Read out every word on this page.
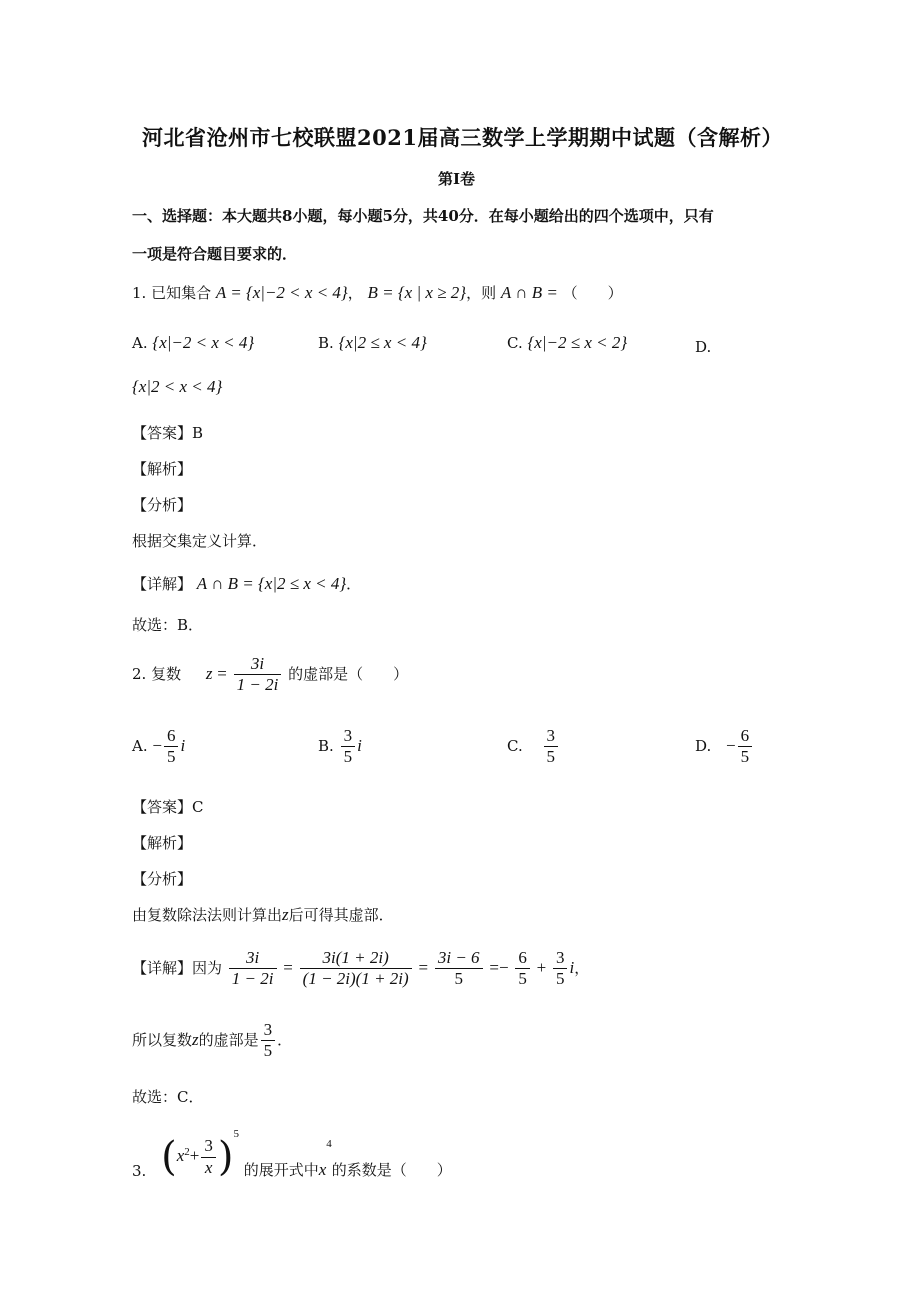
河北省沧州市七校联盟2021届高三数学上学期期中试题（含解析）
第I卷
一、选择题：本大题共8小题，每小题5分，共40分．在每小题给出的四个选项中，只有
一项是符合题目要求的．
1. 已知集合 A = {x|−2 < x < 4}， B = {x | x ≥ 2}，则 A ∩ B = （　　）
A. {x|−2 < x < 4}	B. {x|2 ≤ x < 4}	C. {x|−2 ≤ x < 2}	D.
{x|2 < x < 4}
【答案】B
【解析】
【分析】
根据交集定义计算．
【详解】 A ∩ B = {x|2 ≤ x < 4}．
故选：B．
2. 复数 $z = \frac{3i}{1 - 2i}$ 的虚部是（　　）
A. − $\frac{6}{5}$ i	B. $\frac{3}{5}$ i	C. $\frac{3}{5}$	D. − $\frac{6}{5}$
【答案】C
【解析】
【分析】
由复数除法法则计算出z后可得其虚部．
【详解】因为 $\frac{3i}{1 - 2i} = \frac{3i(1 + 2i)}{(1 - 2i)(1 + 2i)} = \frac{3i - 6}{5} =- \frac{6}{5} + \frac{3}{5}$ i，
所以复数z的虚部是 $\frac{3}{5}$ ．
故选：C．
3. $(x^2+ \frac{3}{x} )^5$ 的展开式中$x^4$的系数是（　　）
